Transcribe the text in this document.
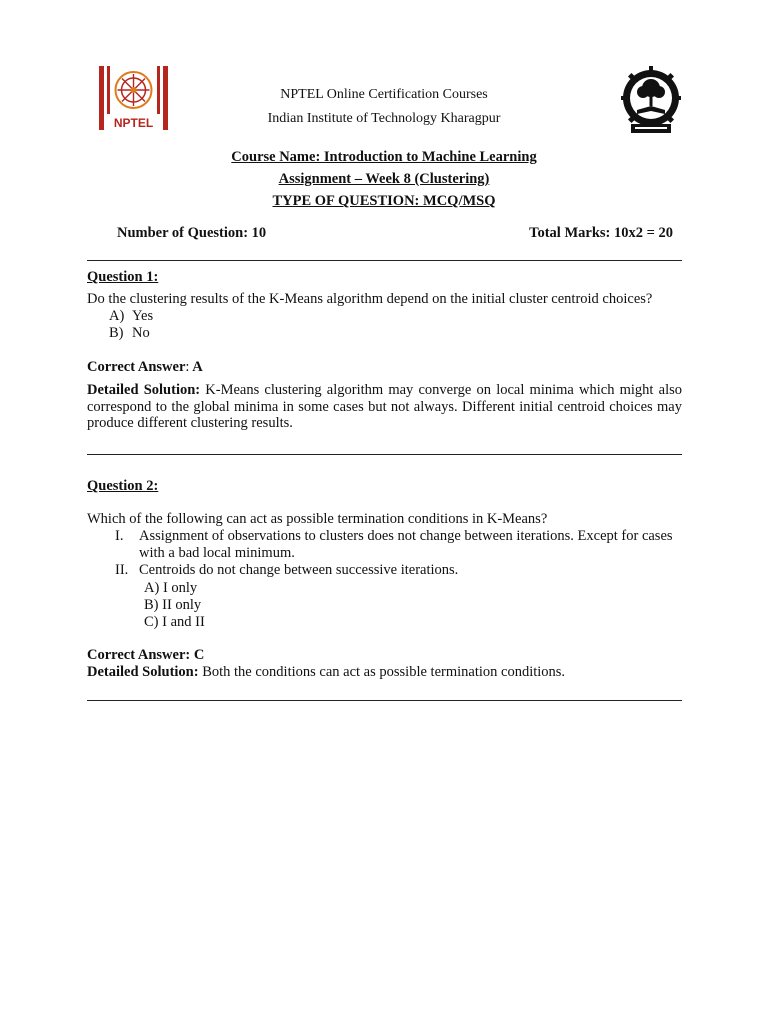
NPTEL
NPTEL Online Certification Courses
Indian Institute of Technology Kharagpur
Course Name: Introduction to Machine Learning
Assignment – Week 8 (Clustering)
TYPE OF QUESTION: MCQ/MSQ
Number of Question: 10	Total Marks: 10x2 = 20
Question 1:
Do the clustering results of the K-Means algorithm depend on the initial cluster centroid choices?
A) Yes
B) No
Correct Answer: A
Detailed Solution: K-Means clustering algorithm may converge on local minima which might also correspond to the global minima in some cases but not always. Different initial centroid choices may produce different clustering results.
Question 2:
Which of the following can act as possible termination conditions in K-Means?
I. Assignment of observations to clusters does not change between iterations. Except for cases with a bad local minimum.
II. Centroids do not change between successive iterations.
A) I only
B) II only
C) I and II
Correct Answer: C
Detailed Solution: Both the conditions can act as possible termination conditions.
